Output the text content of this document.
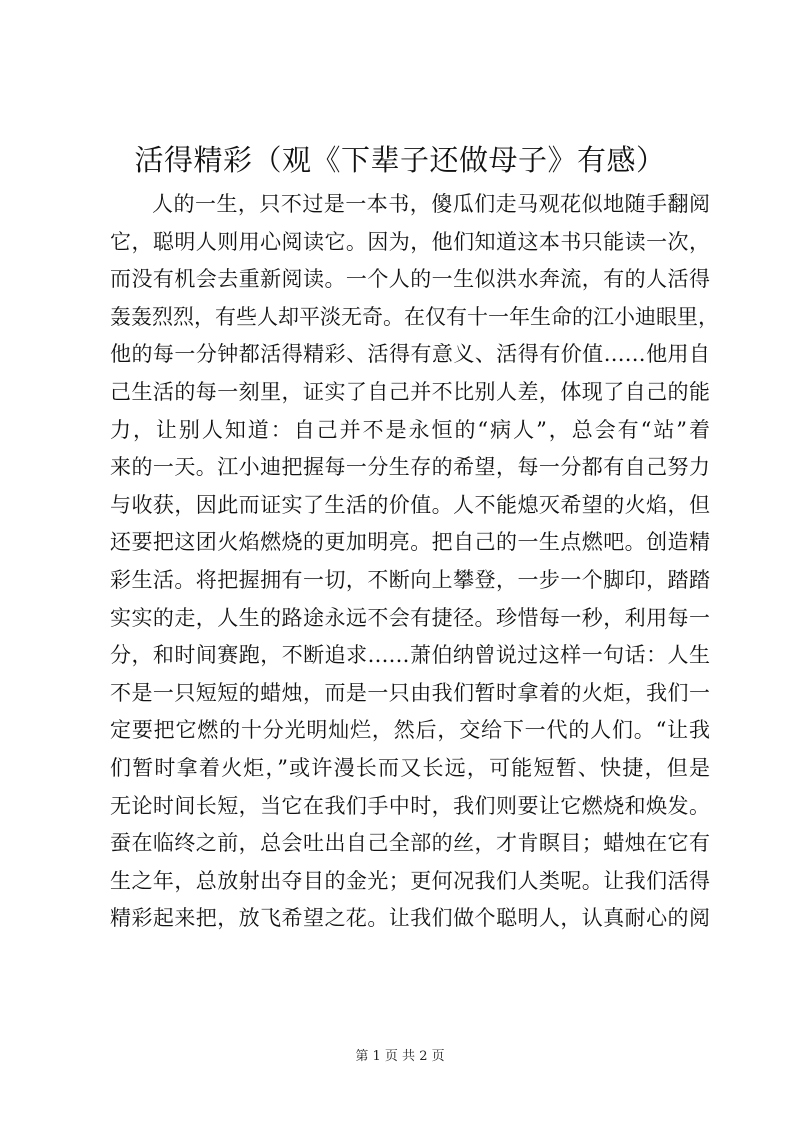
活得精彩（观《下辈子还做母子》有感）
人的一生，只不过是一本书，傻瓜们走马观花似地随手翻阅
它，聪明人则用心阅读它。因为，他们知道这本书只能读一次，
而没有机会去重新阅读。一个人的一生似洪水奔流，有的人活得
轰轰烈烈，有些人却平淡无奇。在仅有十一年生命的江小迪眼里，
他的每一分钟都活得精彩、活得有意义、活得有价值……他用自
己生活的每一刻里，证实了自己并不比别人差，体现了自己的能
力，让别人知道：自己并不是永恒的“病人”，总会有“站”着
来的一天。江小迪把握每一分生存的希望，每一分都有自己努力
与收获，因此而证实了生活的价值。人不能熄灭希望的火焰，但
还要把这团火焰燃烧的更加明亮。把自己的一生点燃吧。创造精
彩生活。将把握拥有一切，不断向上攀登，一步一个脚印，踏踏
实实的走，人生的路途永远不会有捷径。珍惜每一秒，利用每一
分，和时间赛跑，不断追求……萧伯纳曾说过这样一句话：人生
不是一只短短的蜡烛，而是一只由我们暂时拿着的火炬，我们一
定要把它燃的十分光明灿烂，然后，交给下一代的人们。“让我
们暂时拿着火炬，”或许漫长而又长远，可能短暂、快捷，但是
无论时间长短，当它在我们手中时，我们则要让它燃烧和焕发。
蚕在临终之前，总会吐出自己全部的丝，才肯瞑目；蜡烛在它有
生之年，总放射出夺目的金光；更何况我们人类呢。让我们活得
精彩起来把，放飞希望之花。让我们做个聪明人，认真耐心的阅
第 1 页 共 2 页
